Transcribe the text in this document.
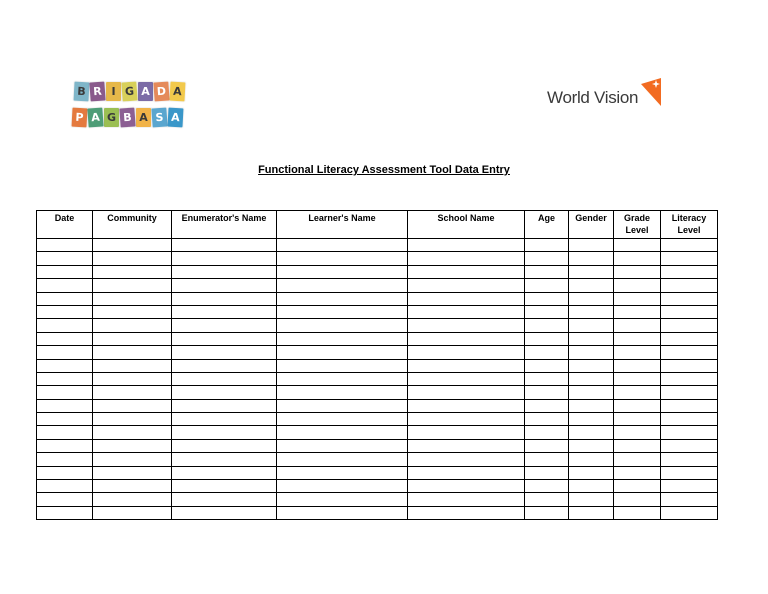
B R I G A D A
P A G B A S A
World Vision
Functional Literacy Assessment Tool Data Entry
Date	Community	Enumerator's Name	Learner's Name	School Name	Age	Gender	Grade Level	Literacy Level
